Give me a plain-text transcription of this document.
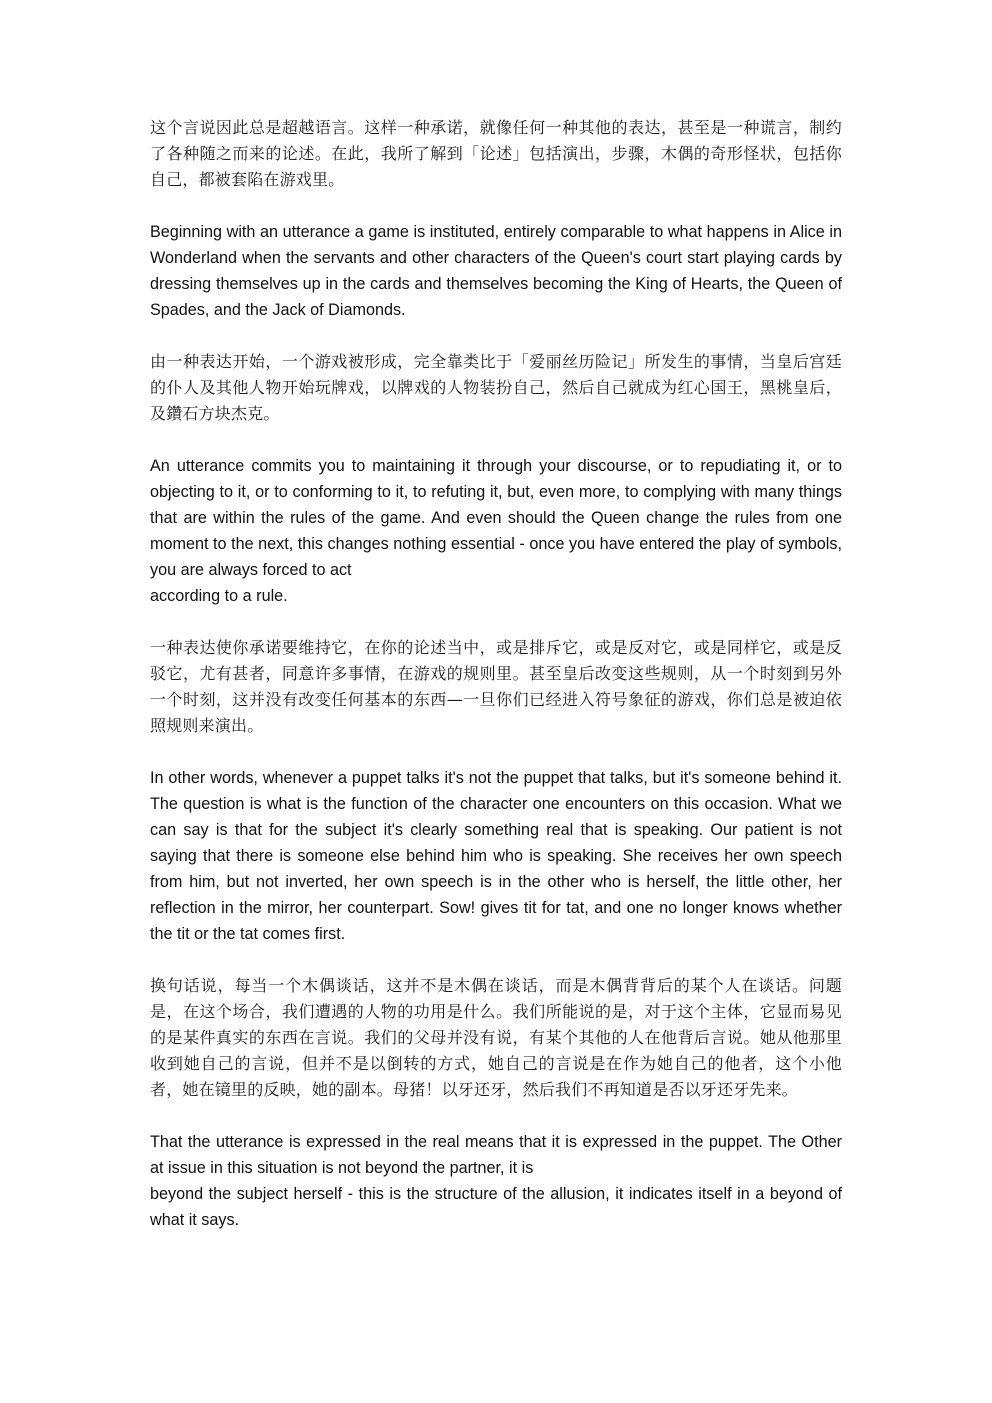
这个言说因此总是超越语言。这样一种承诺，就像任何一种其他的表达，甚至是一种谎言，制约了各种随之而来的论述。在此，我所了解到「论述」包括演出，步骤，木偶的奇形怪状，包括你自己，都被套陷在游戏里。

Beginning with an utterance a game is instituted, entirely comparable to what happens in Alice in Wonderland when the servants and other characters of the Queen's court start playing cards by dressing themselves up in the cards and themselves becoming the King of Hearts, the Queen of Spades, and the Jack of Diamonds.

由一种表达开始，一个游戏被形成，完全靠类比于「爱丽丝历险记」所发生的事情，当皇后宫廷的仆人及其他人物开始玩牌戏，以牌戏的人物装扮自己，然后自己就成为红心国王，黑桃皇后，及鑽石方块杰克。

An utterance commits you to maintaining it through your discourse, or to repudiating it, or to objecting to it, or to conforming to it, to refuting it, but, even more, to complying with many things that are within the rules of the game. And even should the Queen change the rules from one moment to the next, this changes nothing essential - once you have entered the play of symbols, you are always forced to act
according to a rule.

一种表达使你承诺要维持它，在你的论述当中，或是排斥它，或是反对它，或是同样它，或是反驳它，尤有甚者，同意许多事情，在游戏的规则里。甚至皇后改变这些规则，从一个时刻到另外一个时刻，这并没有改变任何基本的东西—一旦你们已经进入符号象征的游戏，你们总是被迫依照规则来演出。

In other words, whenever a puppet talks it's not the puppet that talks, but it's someone behind it. The question is what is the function of the character one encounters on this occasion. What we can say is that for the subject it's clearly something real that is speaking. Our patient is not saying that there is someone else behind him who is speaking. She receives her own speech from him, but not inverted, her own speech is in the other who is herself, the little other, her reflection in the mirror, her counterpart. Sow! gives tit for tat, and one no longer knows whether the tit or the tat comes first.

换句话说，每当一个木偶谈话，这并不是木偶在谈话，而是木偶背背后的某个人在谈话。问题是，在这个场合，我们遭遇的人物的功用是什么。我们所能说的是，对于这个主体，它显而易见的是某件真实的东西在言说。我们的父母并没有说，有某个其他的人在他背后言说。她从他那里收到她自己的言说，但并不是以倒转的方式，她自己的言说是在作为她自己的他者，这个小他者，她在镜里的反映，她的副本。母猪！以牙还牙，然后我们不再知道是否以牙还牙先来。

That the utterance is expressed in the real means that it is expressed in the puppet. The Other at issue in this situation is not beyond the partner, it is
beyond the subject herself - this is the structure of the allusion, it indicates itself in a beyond of what it says.
